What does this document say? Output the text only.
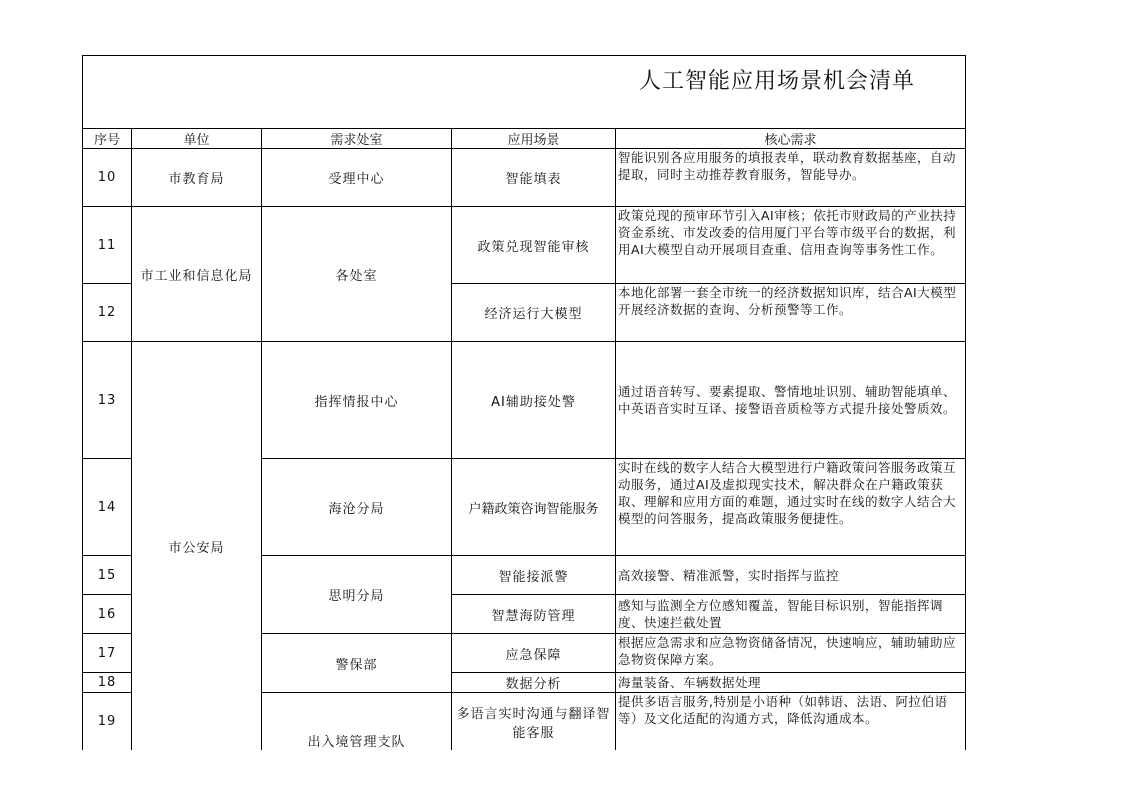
人工智能应用场景机会清单
序号	单位	需求处室	应用场景	核心需求
10	市教育局	受理中心	智能填表	智能识别各应用服务的填报表单，联动教育数据基座，自动提取，同时主动推荐教育服务，智能导办。
11	市工业和信息化局	各处室	政策兑现智能审核	政策兑现的预审环节引入AI审核；依托市财政局的产业扶持资金系统、市发改委的信用厦门平台等市级平台的数据，利用AI大模型自动开展项目查重、信用查询等事务性工作。
12			经济运行大模型	本地化部署一套全市统一的经济数据知识库，结合AI大模型开展经济数据的查询、分析预警等工作。
13	市公安局	指挥情报中心	AI辅助接处警	通过语音转写、要素提取、警情地址识别、辅助智能填单、中英语音实时互译、接警语音质检等方式提升接处警质效。
14		海沧分局	户籍政策咨询智能服务	实时在线的数字人结合大模型进行户籍政策问答服务政策互动服务，通过AI及虚拟现实技术，解决群众在户籍政策获取、理解和应用方面的难题，通过实时在线的数字人结合大模型的问答服务，提高政策服务便捷性。
15		思明分局	智能接派警	高效接警、精准派警，实时指挥与监控
16			智慧海防管理	感知与监测全方位感知覆盖，智能目标识别，智能指挥调度、快速拦截处置
17		警保部	应急保障	根据应急需求和应急物资储备情况，快速响应，辅助辅助应急物资保障方案。
18			数据分析	海量装备、车辆数据处理
19		出入境管理支队	多语言实时沟通与翻译智能客服	提供多语言服务,特别是小语种（如韩语、法语、阿拉伯语等）及文化适配的沟通方式，降低沟通成本。
